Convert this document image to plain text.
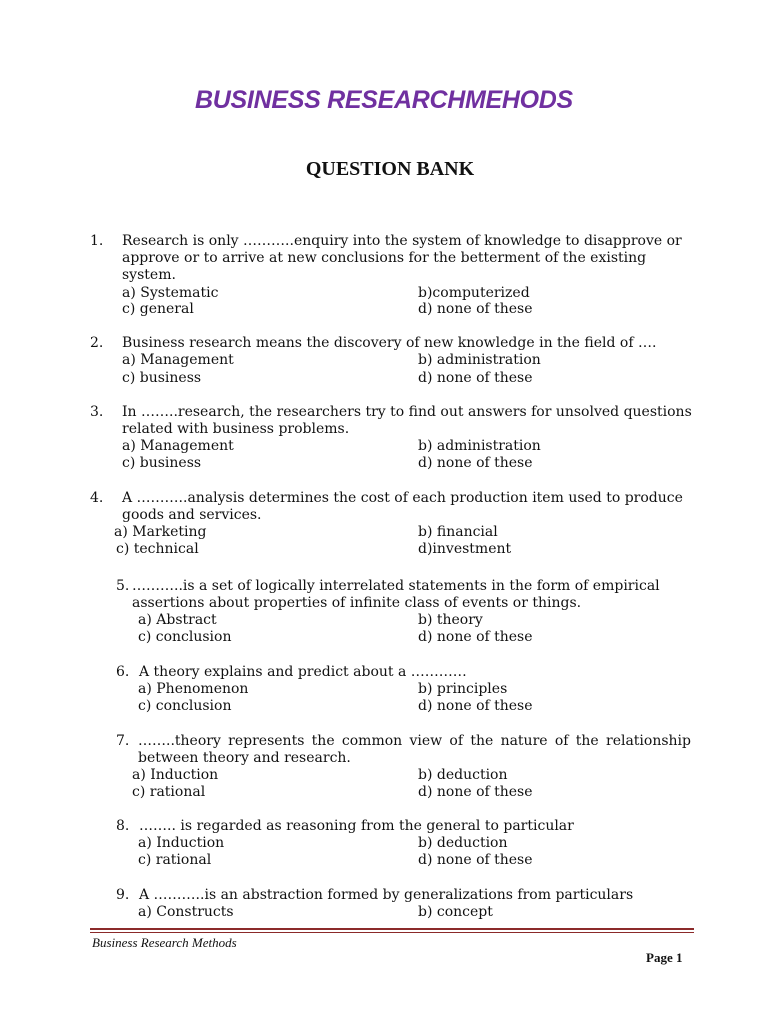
BUSINESS RESEARCHMEHODS
QUESTION BANK
1. Research is only ………..enquiry into the system of knowledge to disapprove or approve or to arrive at new conclusions for the betterment of the existing system.
a) Systematic	b)computerized
c) general	d) none of these
2. Business research means the discovery of new knowledge in the field of ….
a) Management	b) administration
c) business	d) none of these
3. In ……..research, the researchers try to find out answers for unsolved questions related with business problems.
a) Management	b) administration
c) business	d) none of these
4. A ………..analysis determines the cost of each production item used to produce goods and services.
a) Marketing	b) financial
c) technical	d)investment
5. ………..is a set of logically interrelated statements in the form of empirical assertions about properties of infinite class of events or things.
a) Abstract	b) theory
c) conclusion	d) none of these
6. A theory explains and predict about a …………
a) Phenomenon	b) principles
c) conclusion	d) none of these
7. ……..theory represents the common view of the nature of the relationship between theory and research.
a) Induction	b) deduction
c) rational	d) none of these
8. …….. is regarded as reasoning from the general to particular
a) Induction	b) deduction
c) rational	d) none of these
9. A ………..is an abstraction formed by generalizations from particulars
a) Constructs	b) concept
Business Research Methods
Page 1
